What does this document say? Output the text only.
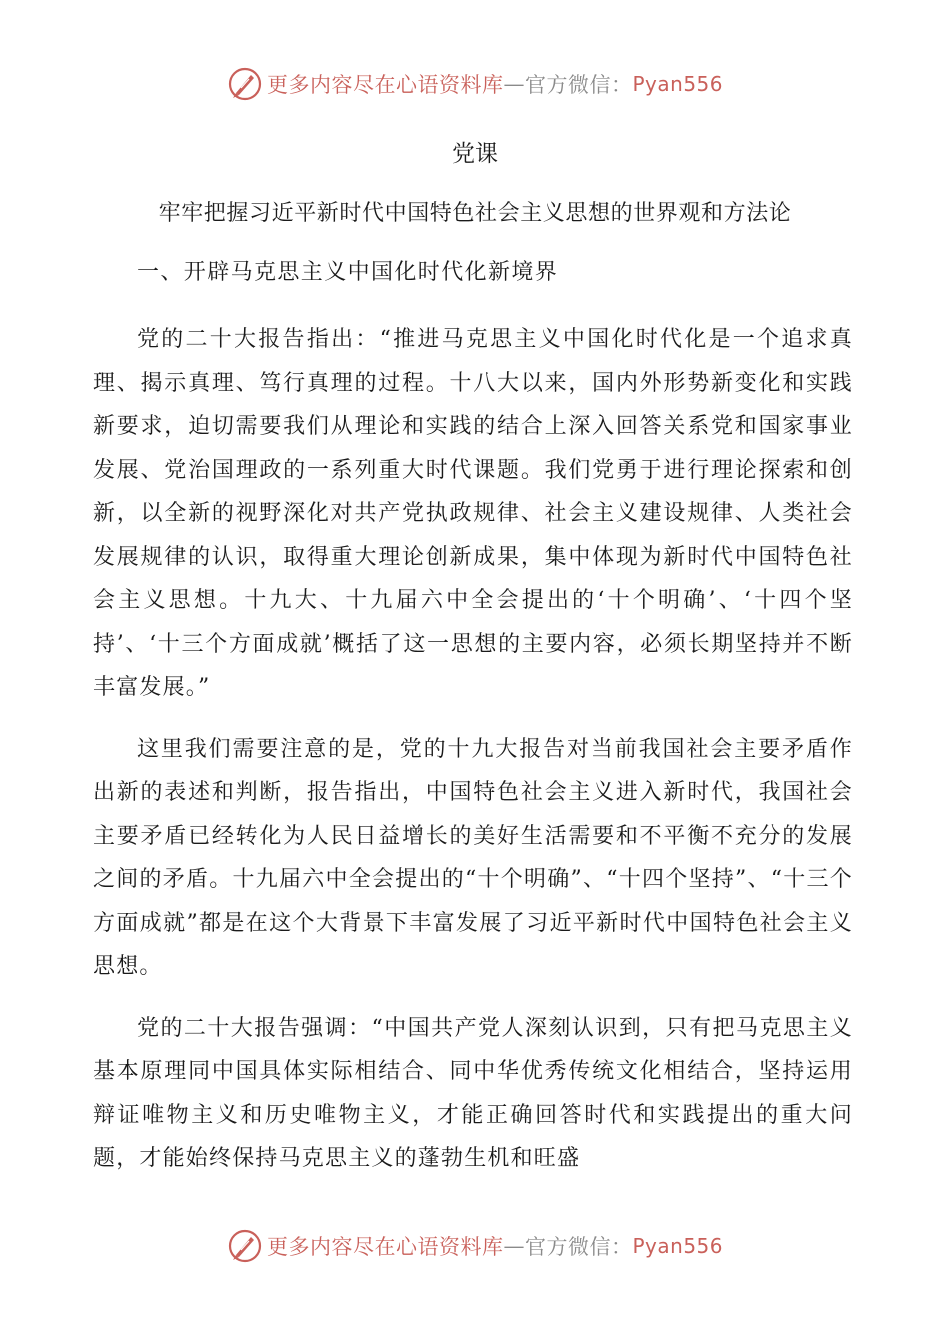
更多内容尽在心语资料库 — 官方微信： Pyan556
党课
牢牢把握习近平新时代中国特色社会主义思想的世界观和方法论
一、开辟马克思主义中国化时代化新境界

党的二十大报告指出：“推进马克思主义中国化时代化是一个追求真理、揭示真理、笃行真理的过程。十八大以来，国内外形势新变化和实践新要求，迫切需要我们从理论和实践的结合上深入回答关系党和国家事业发展、党治国理政的一系列重大时代课题。我们党勇于进行理论探索和创新，以全新的视野深化对共产党执政规律、社会主义建设规律、人类社会发展规律的认识，取得重大理论创新成果，集中体现为新时代中国特色社会主义思想。十九大、十九届六中全会提出的‘十个明确’、‘十四个坚持’、‘十三个方面成就’概括了这一思想的主要内容，必须长期坚持并不断丰富发展。”

这里我们需要注意的是，党的十九大报告对当前我国社会主要矛盾作出新的表述和判断，报告指出，中国特色社会主义进入新时代，我国社会主要矛盾已经转化为人民日益增长的美好生活需要和不平衡不充分的发展之间的矛盾。十九届六中全会提出的“十个明确”、“十四个坚持”、“十三个方面成就”都是在这个大背景下丰富发展了习近平新时代中国特色社会主义思想。

党的二十大报告强调：“中国共产党人深刻认识到，只有把马克思主义基本原理同中国具体实际相结合、同中华优秀传统文化相结合，坚持运用辩证唯物主义和历史唯物主义，才能正确回答时代和实践提出的重大问题，才能始终保持马克思主义的蓬勃生机和旺盛

更多内容尽在心语资料库 — 官方微信： Pyan556
